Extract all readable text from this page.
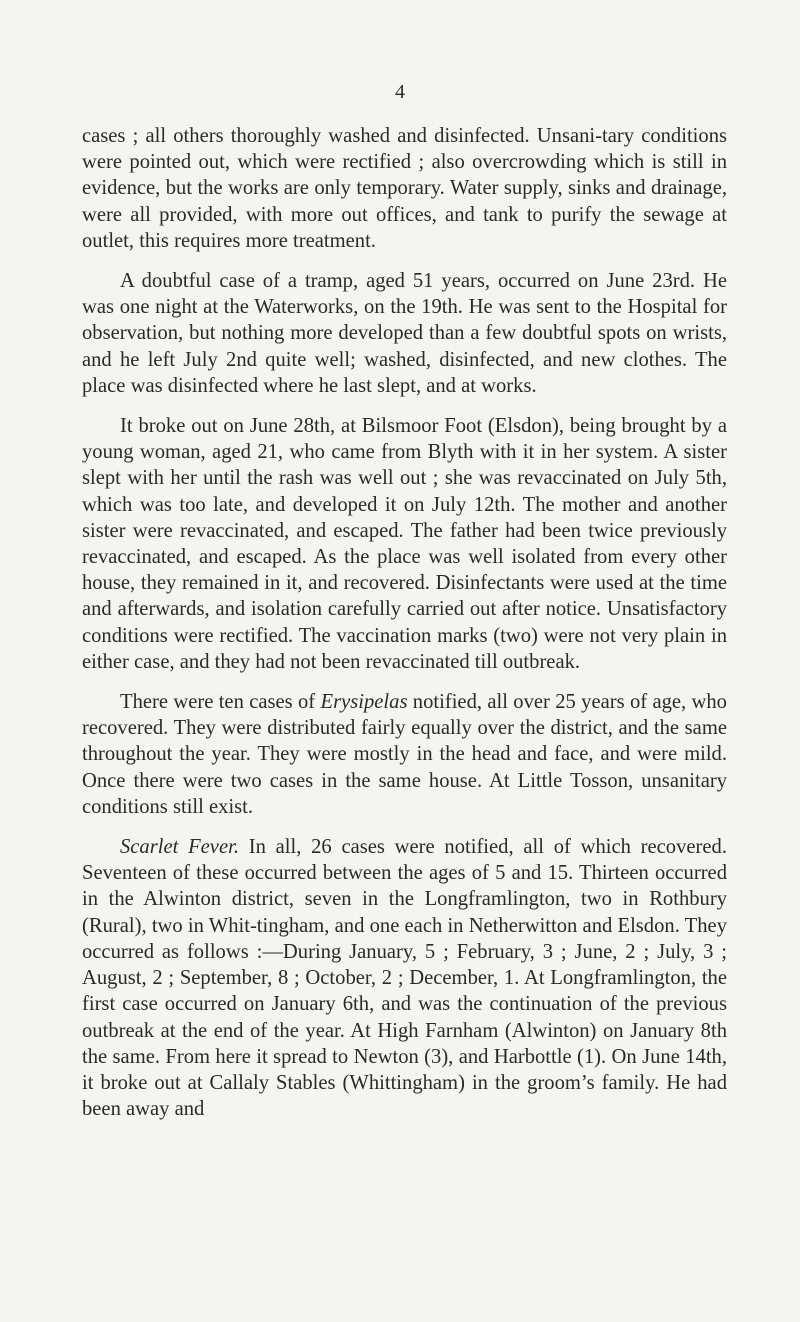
4

cases ; all others thoroughly washed and disinfected. Unsani-tary conditions were pointed out, which were rectified ; also overcrowding which is still in evidence, but the works are only temporary. Water supply, sinks and drainage, were all provided, with more out offices, and tank to purify the sewage at outlet, this requires more treatment.

A doubtful case of a tramp, aged 51 years, occurred on June 23rd. He was one night at the Waterworks, on the 19th. He was sent to the Hospital for observation, but nothing more developed than a few doubtful spots on wrists, and he left July 2nd quite well; washed, disinfected, and new clothes. The place was disinfected where he last slept, and at works.

It broke out on June 28th, at Bilsmoor Foot (Elsdon), being brought by a young woman, aged 21, who came from Blyth with it in her system. A sister slept with her until the rash was well out ; she was revaccinated on July 5th, which was too late, and developed it on July 12th. The mother and another sister were revaccinated, and escaped. The father had been twice previously revaccinated, and escaped. As the place was well isolated from every other house, they remained in it, and recovered. Disinfectants were used at the time and afterwards, and isolation carefully carried out after notice. Unsatisfactory conditions were rectified. The vaccination marks (two) were not very plain in either case, and they had not been revaccinated till outbreak.

There were ten cases of Erysipelas notified, all over 25 years of age, who recovered. They were distributed fairly equally over the district, and the same throughout the year. They were mostly in the head and face, and were mild. Once there were two cases in the same house. At Little Tosson, unsanitary conditions still exist.

Scarlet Fever. In all, 26 cases were notified, all of which recovered. Seventeen of these occurred between the ages of 5 and 15. Thirteen occurred in the Alwinton district, seven in the Longframlington, two in Rothbury (Rural), two in Whit-tingham, and one each in Netherwitton and Elsdon. They occurred as follows :—During January, 5 ; February, 3 ; June, 2 ; July, 3 ; August, 2 ; September, 8 ; October, 2 ; December, 1. At Longframlington, the first case occurred on January 6th, and was the continuation of the previous outbreak at the end of the year. At High Farnham (Alwinton) on January 8th the same. From here it spread to Newton (3), and Harbottle (1). On June 14th, it broke out at Callaly Stables (Whittingham) in the groom’s family. He had been away and
